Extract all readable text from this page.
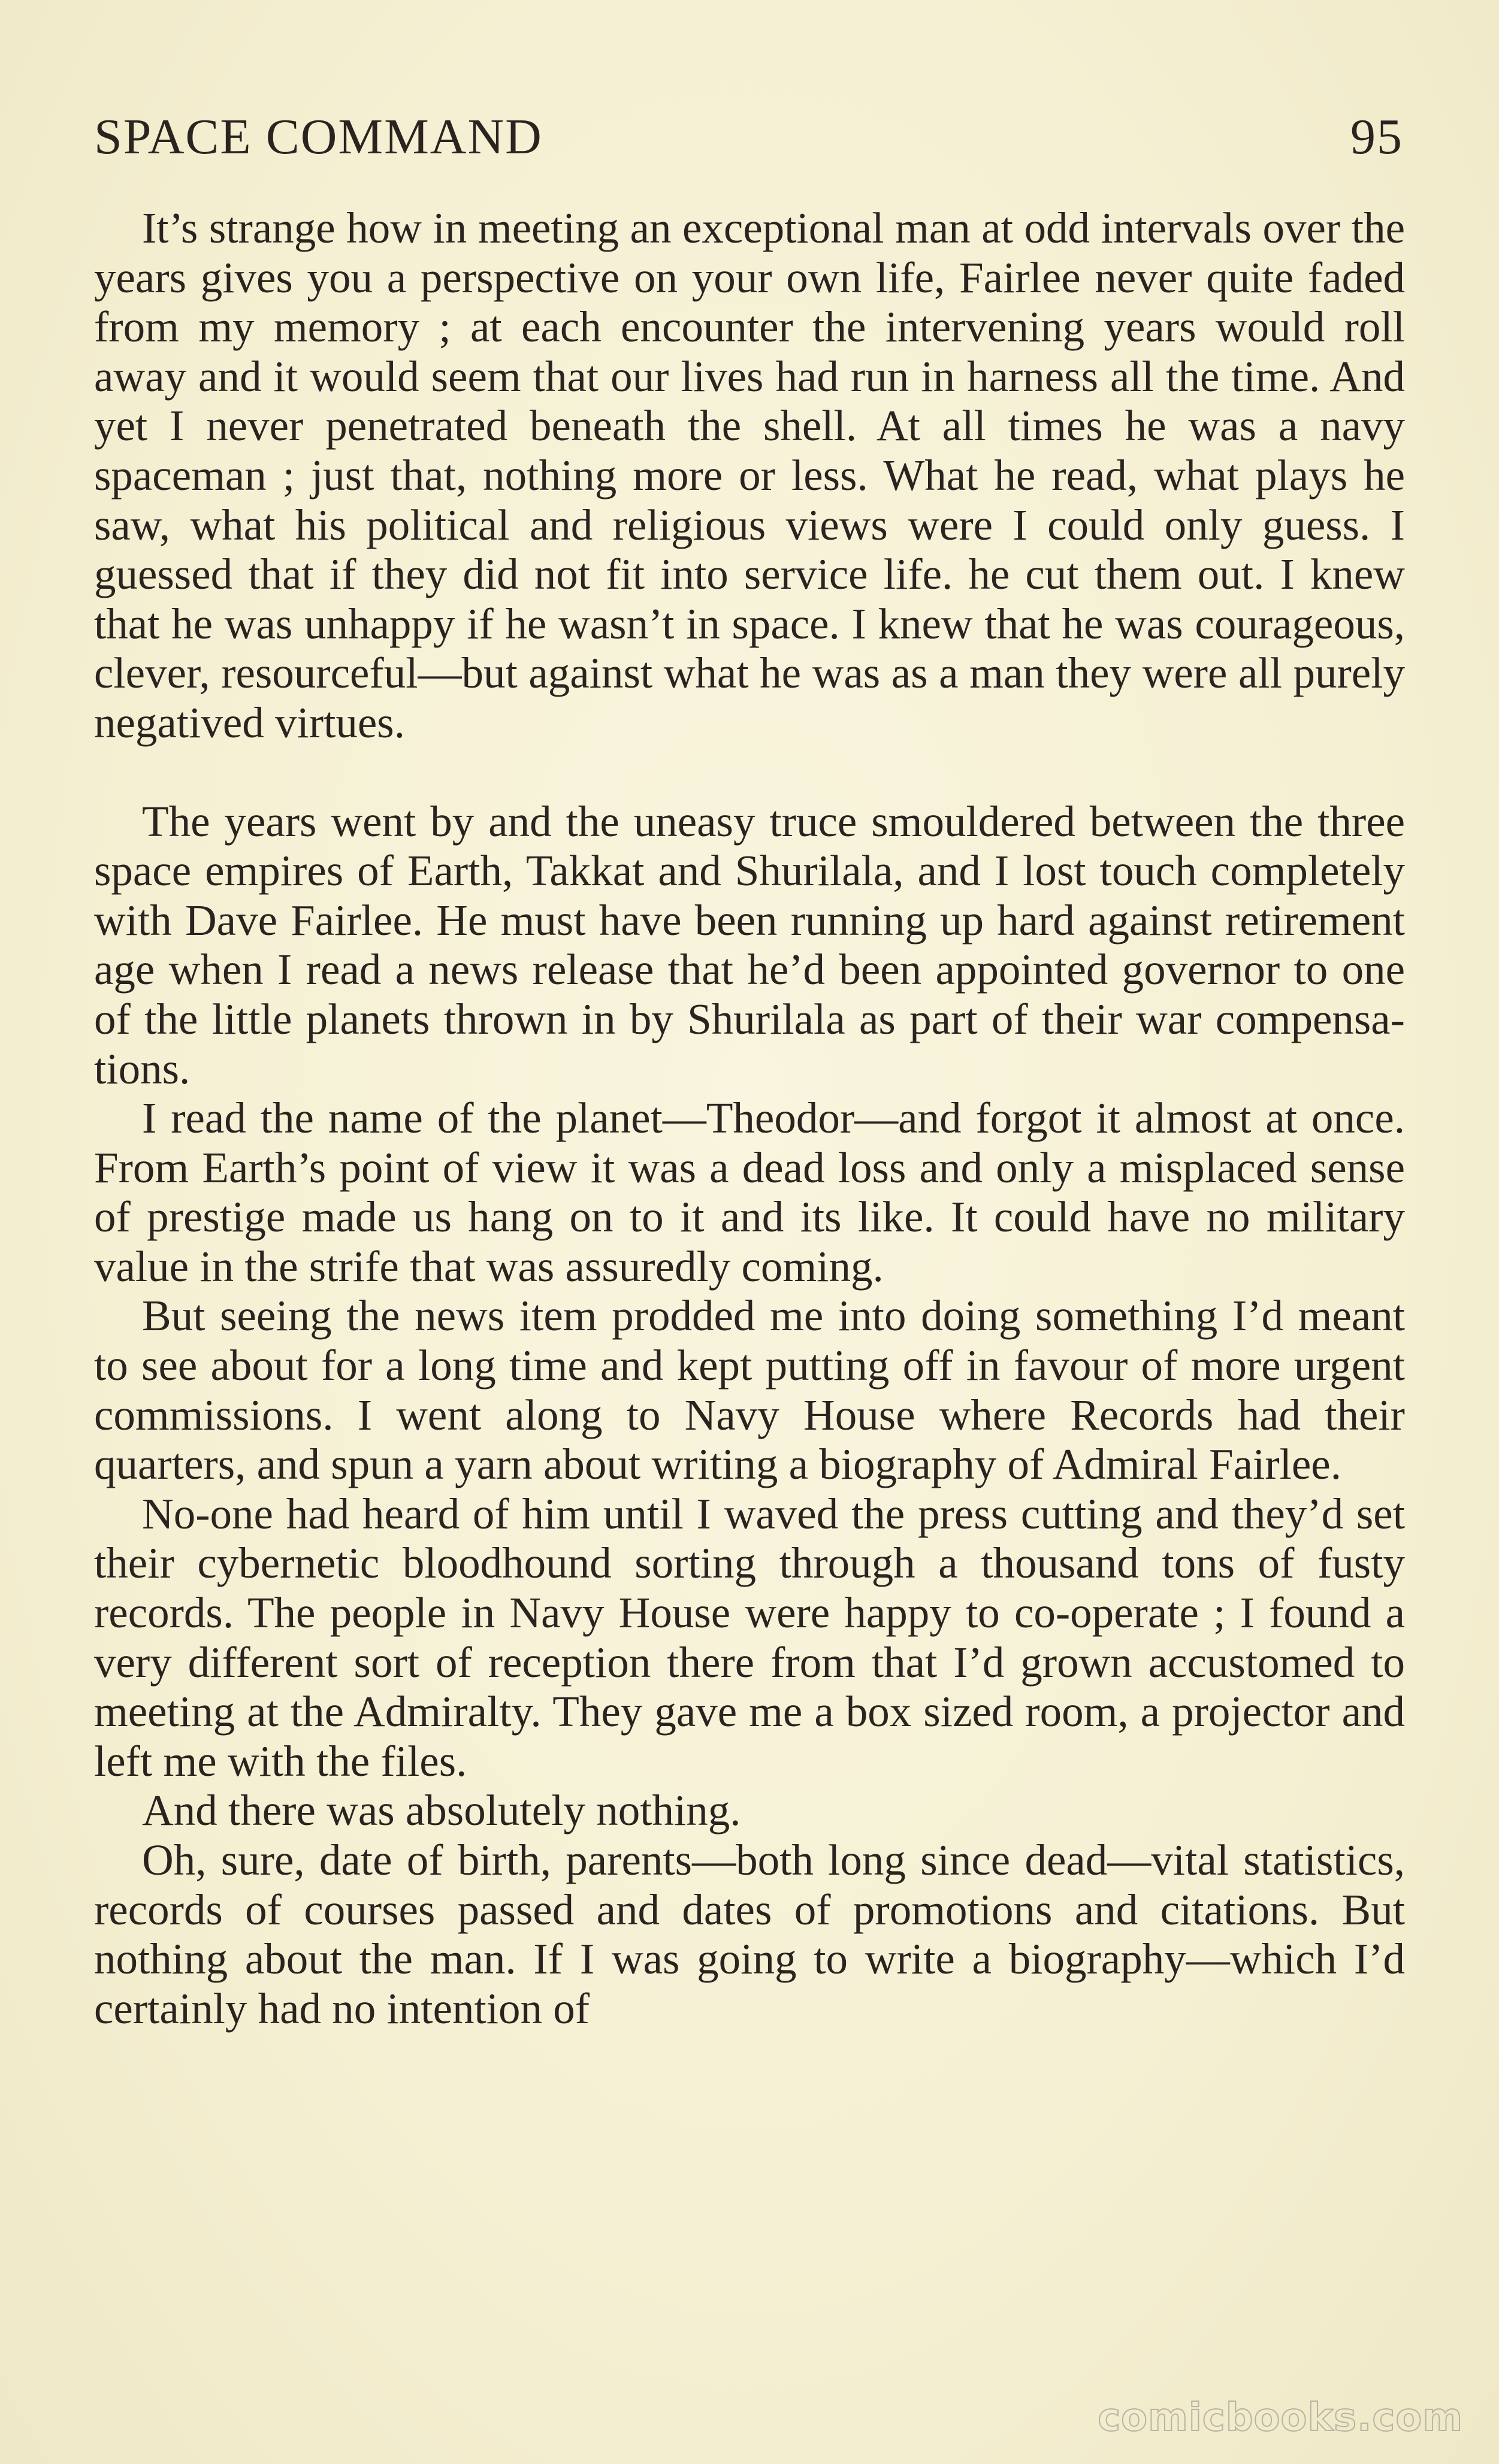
SPACE COMMAND	95

It’s strange how in meeting an exceptional man at odd intervals over the years gives you a perspective on your own life, Fairlee never quite faded from my memory ; at each encounter the intervening years would roll away and it would seem that our lives had run in harness all the time. And yet I never penetrated beneath the shell. At all times he was a navy spaceman ; just that, nothing more or less. What he read, what plays he saw, what his political and religious views were I could only guess. I guessed that if they did not fit into service life. he cut them out. I knew that he was unhappy if he wasn’t in space. I knew that he was courageous, clever, resourceful—but against what he was as a man they were all purely negatived virtues.

The years went by and the uneasy truce smouldered between the three space empires of Earth, Takkat and Shurilala, and I lost touch completely with Dave Fairlee. He must have been running up hard against retirement age when I read a news release that he’d been appointed governor to one of the little planets thrown in by Shurilala as part of their war compensa-tions.

I read the name of the planet—Theodor—and forgot it almost at once. From Earth’s point of view it was a dead loss and only a misplaced sense of prestige made us hang on to it and its like. It could have no military value in the strife that was assuredly coming.

But seeing the news item prodded me into doing something I’d meant to see about for a long time and kept putting off in favour of more urgent commissions. I went along to Navy House where Records had their quarters, and spun a yarn about writing a biography of Admiral Fairlee.

No-one had heard of him until I waved the press cutting and they’d set their cybernetic bloodhound sorting through a thousand tons of fusty records. The people in Navy House were happy to co-operate ; I found a very different sort of reception there from that I’d grown accustomed to meeting at the Admiralty. They gave me a box sized room, a projector and left me with the files.

And there was absolutely nothing.

Oh, sure, date of birth, parents—both long since dead—vital statistics, records of courses passed and dates of promotions and citations. But nothing about the man. If I was going to write a biography—which I’d certainly had no intention of

comicbooks.com
